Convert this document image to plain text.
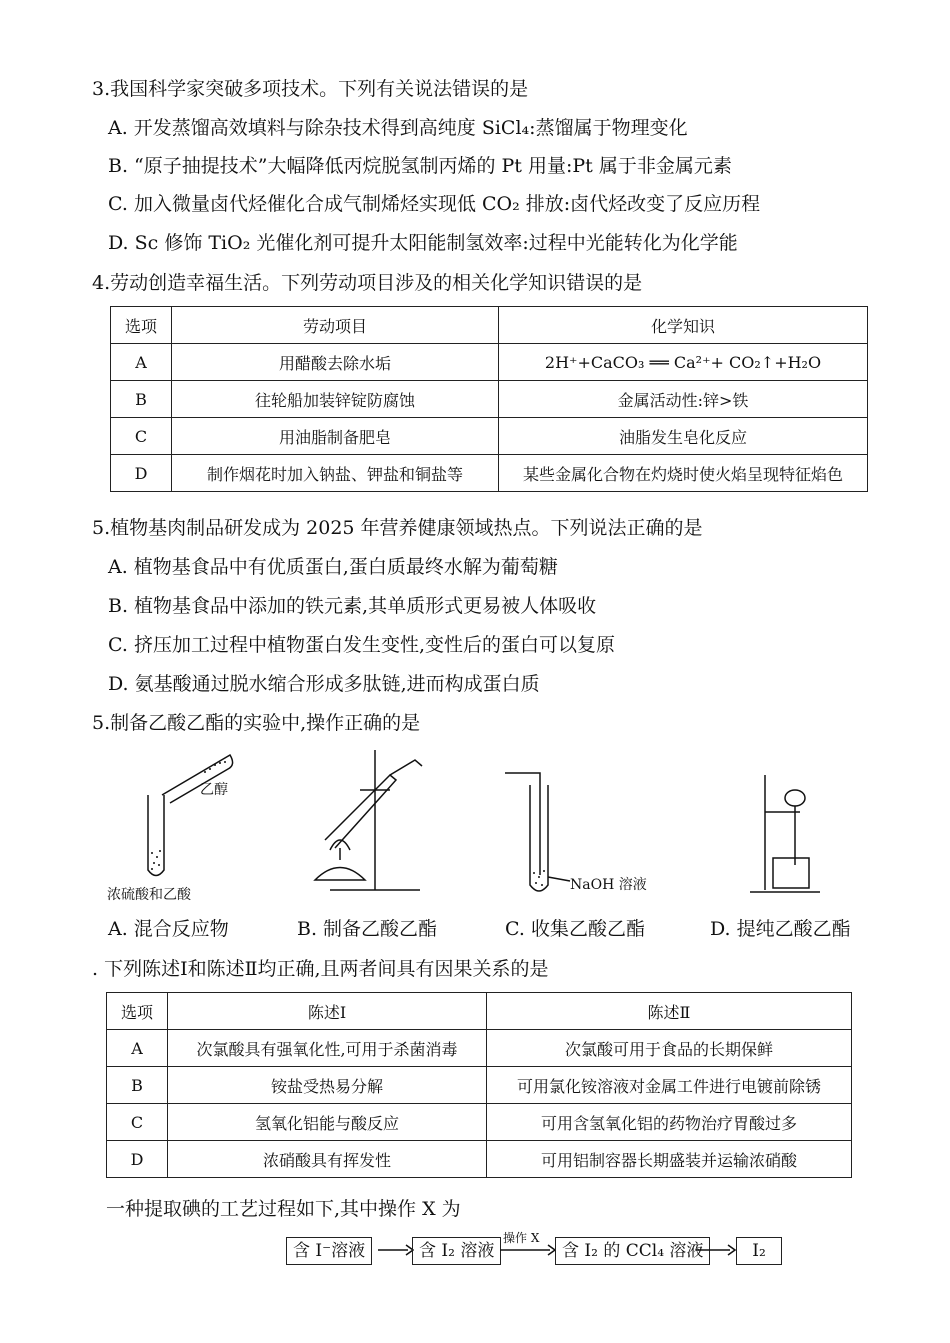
3.我国科学家突破多项技术。下列有关说法错误的是
A. 开发蒸馏高效填料与除杂技术得到高纯度 SiCl₄:蒸馏属于物理变化
B. “原子抽提技术”大幅降低丙烷脱氢制丙烯的 Pt 用量:Pt 属于非金属元素
C. 加入微量卤代烃催化合成气制烯烃实现低 CO₂ 排放:卤代烃改变了反应历程
D. Sc 修饰 TiO₂ 光催化剂可提升太阳能制氢效率:过程中光能转化为化学能
4.劳动创造幸福生活。下列劳动项目涉及的相关化学知识错误的是
选项	劳动项目	化学知识
A	用醋酸去除水垢	2H⁺+CaCO₃ ══ Ca²⁺+ CO₂↑+H₂O
B	往轮船加装锌锭防腐蚀	金属活动性:锌>铁
C	用油脂制备肥皂	油脂发生皂化反应
D	制作烟花时加入钠盐、钾盐和铜盐等	某些金属化合物在灼烧时使火焰呈现特征焰色
5.植物基肉制品研发成为 2025 年营养健康领域热点。下列说法正确的是
A. 植物基食品中有优质蛋白,蛋白质最终水解为葡萄糖
B. 植物基食品中添加的铁元素,其单质形式更易被人体吸收
C. 挤压加工过程中植物蛋白发生变性,变性后的蛋白可以复原
D. 氨基酸通过脱水缩合形成多肽链,进而构成蛋白质
5.制备乙酸乙酯的实验中,操作正确的是
乙醇
浓硫酸和乙酸
NaOH 溶液
A. 混合反应物	B. 制备乙酸乙酯	C. 收集乙酸乙酯	D. 提纯乙酸乙酯
. 下列陈述Ⅰ和陈述Ⅱ均正确,且两者间具有因果关系的是
选项	陈述Ⅰ	陈述Ⅱ
A	次氯酸具有强氧化性,可用于杀菌消毒	次氯酸可用于食品的长期保鲜
B	铵盐受热易分解	可用氯化铵溶液对金属工件进行电镀前除锈
C	氢氧化铝能与酸反应	可用含氢氧化铝的药物治疗胃酸过多
D	浓硝酸具有挥发性	可用铝制容器长期盛装并运输浓硝酸
一种提取碘的工艺过程如下,其中操作 X 为
含 I⁻溶液	含 I₂ 溶液
操作 X
含 I₂ 的 CCl₄ 溶液	I₂
